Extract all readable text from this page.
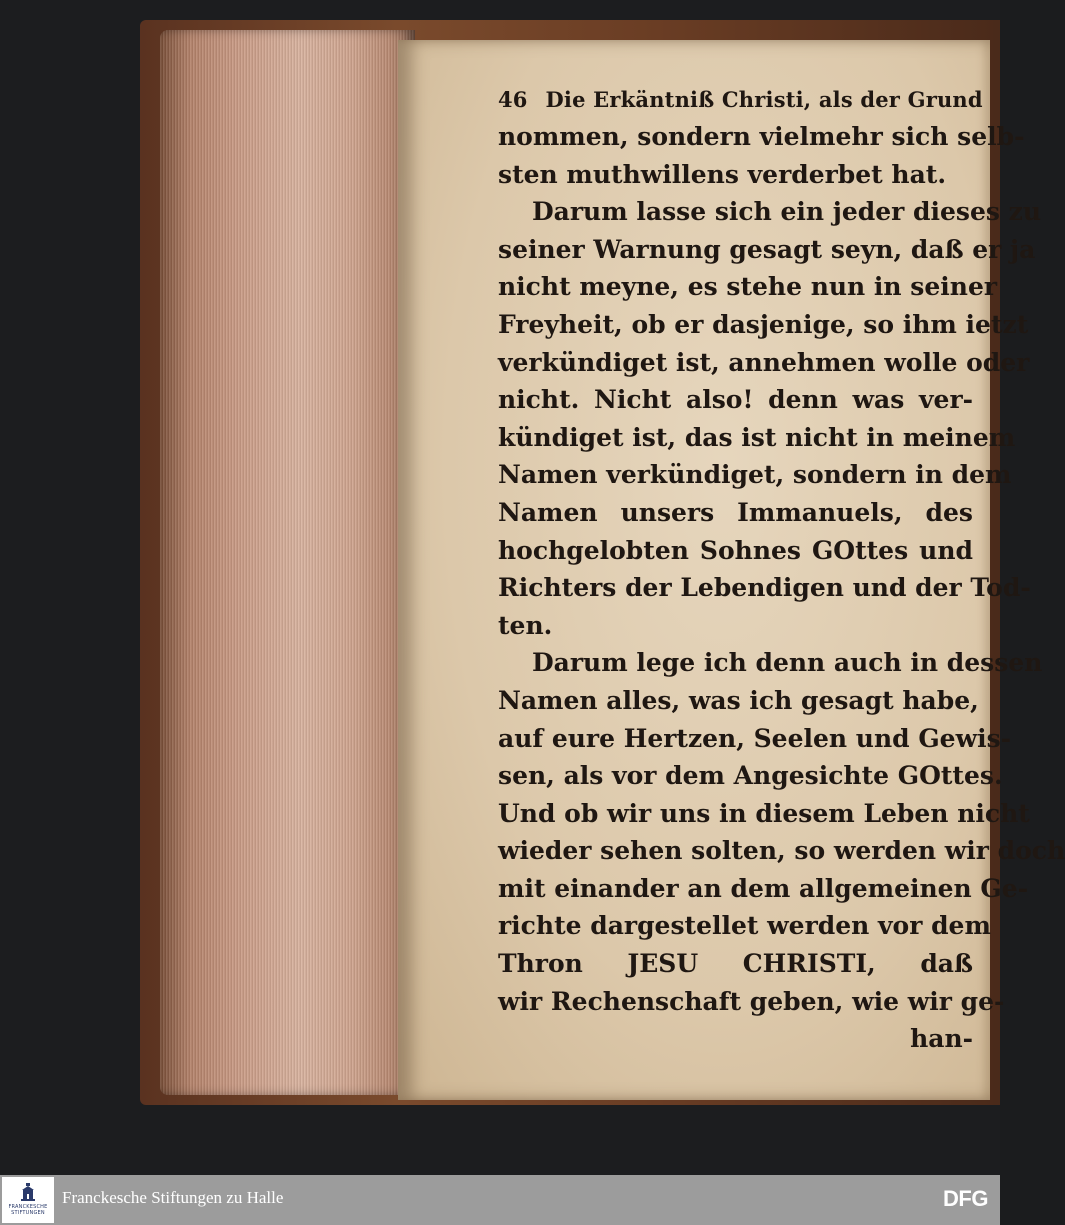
46 Die Erkäntniß Christi, als der Grund
nommen, sondern vielmehr sich selb-
sten muthwillens verderbet hat.
Darum lasse sich ein jeder dieses zu
seiner Warnung gesagt seyn, daß er ja
nicht meyne, es stehe nun in seiner
Freyheit, ob er dasjenige, so ihm ietzt
verkündiget ist, annehmen wolle oder
nicht. Nicht also! denn was ver-
kündiget ist, das ist nicht in meinem
Namen verkündiget, sondern in dem
Namen unsers Immanuels, des
hochgelobten Sohnes GOttes und
Richters der Lebendigen und der Tod-
ten.
Darum lege ich denn auch in dessen
Namen alles, was ich gesagt habe,
auf eure Hertzen, Seelen und Gewis-
sen, als vor dem Angesichte GOttes.
Und ob wir uns in diesem Leben nicht
wieder sehen solten, so werden wir doch
mit einander an dem allgemeinen Ge-
richte dargestellet werden vor dem
Thron JESU CHRISTI, daß
wir Rechenschaft geben, wie wir ge-
han-
FRANCKESCHE STIFTUNGEN
Franckesche Stiftungen zu Halle	DFG
